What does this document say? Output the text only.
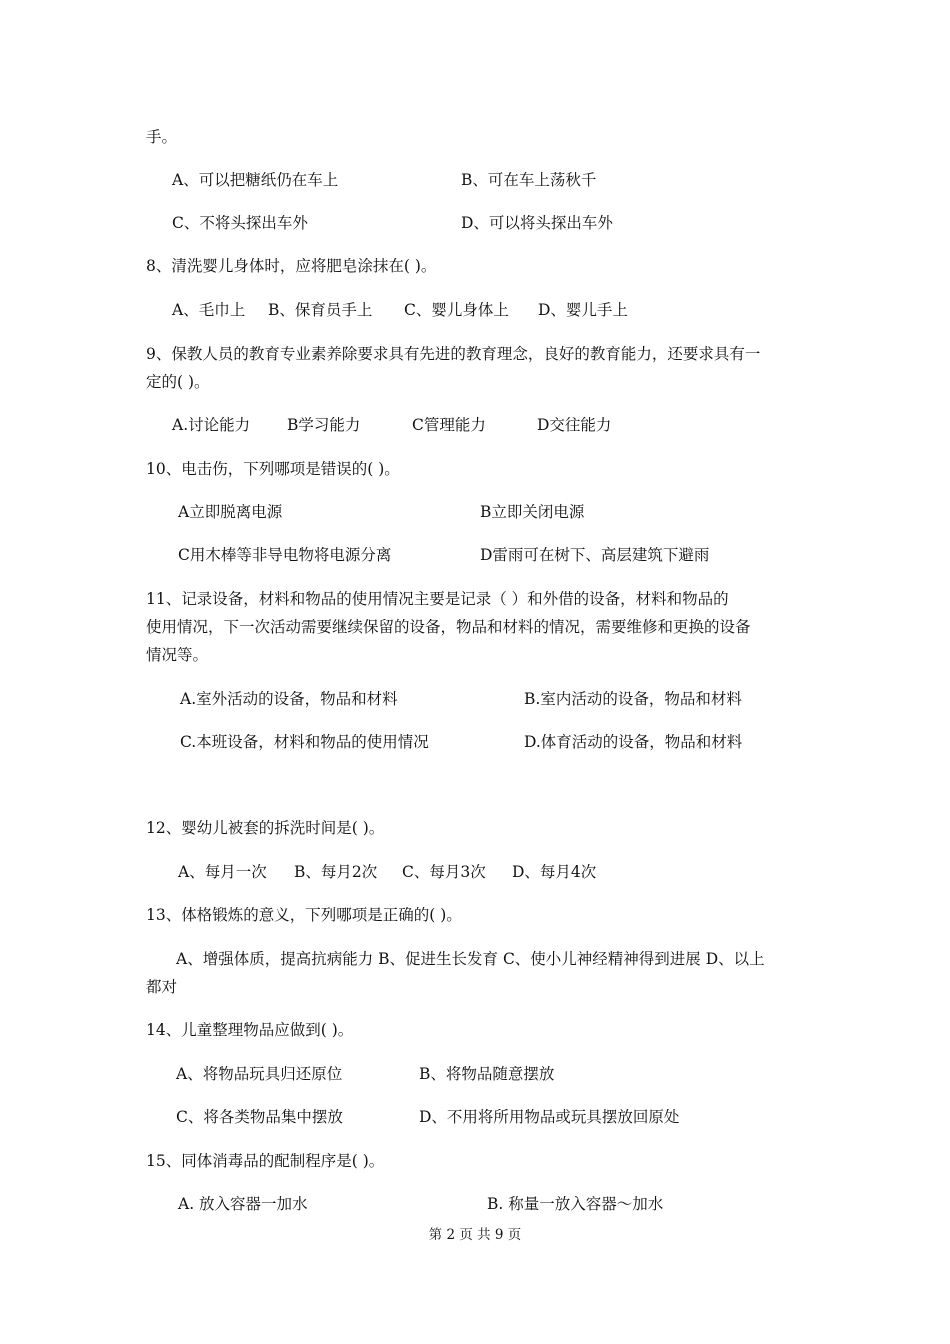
手。
A、可以把糖纸仍在车上	B、可在车上荡秋千
C、不将头探出车外	D、可以将头探出车外
8、清洗婴儿身体时，应将肥皂涂抹在( )。
A、毛巾上 B、保育员手上 C、婴儿身体上 D、婴儿手上
9、保教人员的教育专业素养除要求具有先进的教育理念，良好的教育能力，还要求具有一
定的( )。
A.讨论能力 B学习能力	C管理能力	D交往能力
10、电击伤，下列哪项是错误的( )。
A立即脱离电源	B立即关闭电源
C用木棒等非导电物将电源分离	D雷雨可在树下、高层建筑下避雨
11、记录设备，材料和物品的使用情况主要是记录（ ）和外借的设备，材料和物品的
使用情况，下一次活动需要继续保留的设备，物品和材料的情况，需要维修和更换的设备
情况等。
A.室外活动的设备，物品和材料	B.室内活动的设备，物品和材料
C.本班设备，材料和物品的使用情况	D.体育活动的设备，物品和材料
12、婴幼儿被套的拆洗时间是( )。
A、每月一次 B、每月2次 C、每月3次 D、每月4次
13、体格锻炼的意义，下列哪项是正确的( )。
A、增强体质，提高抗病能力 B、促进生长发育 C、使小儿神经精神得到进展 D、以上
都对
14、儿童整理物品应做到( )。
A、将物品玩具归还原位	B、将物品随意摆放
C、将各类物品集中摆放	D、不用将所用物品或玩具摆放回原处
15、同体消毒品的配制程序是( )。
A. 放入容器一加水	B. 称量一放入容器～加水
第 2 页 共 9 页
